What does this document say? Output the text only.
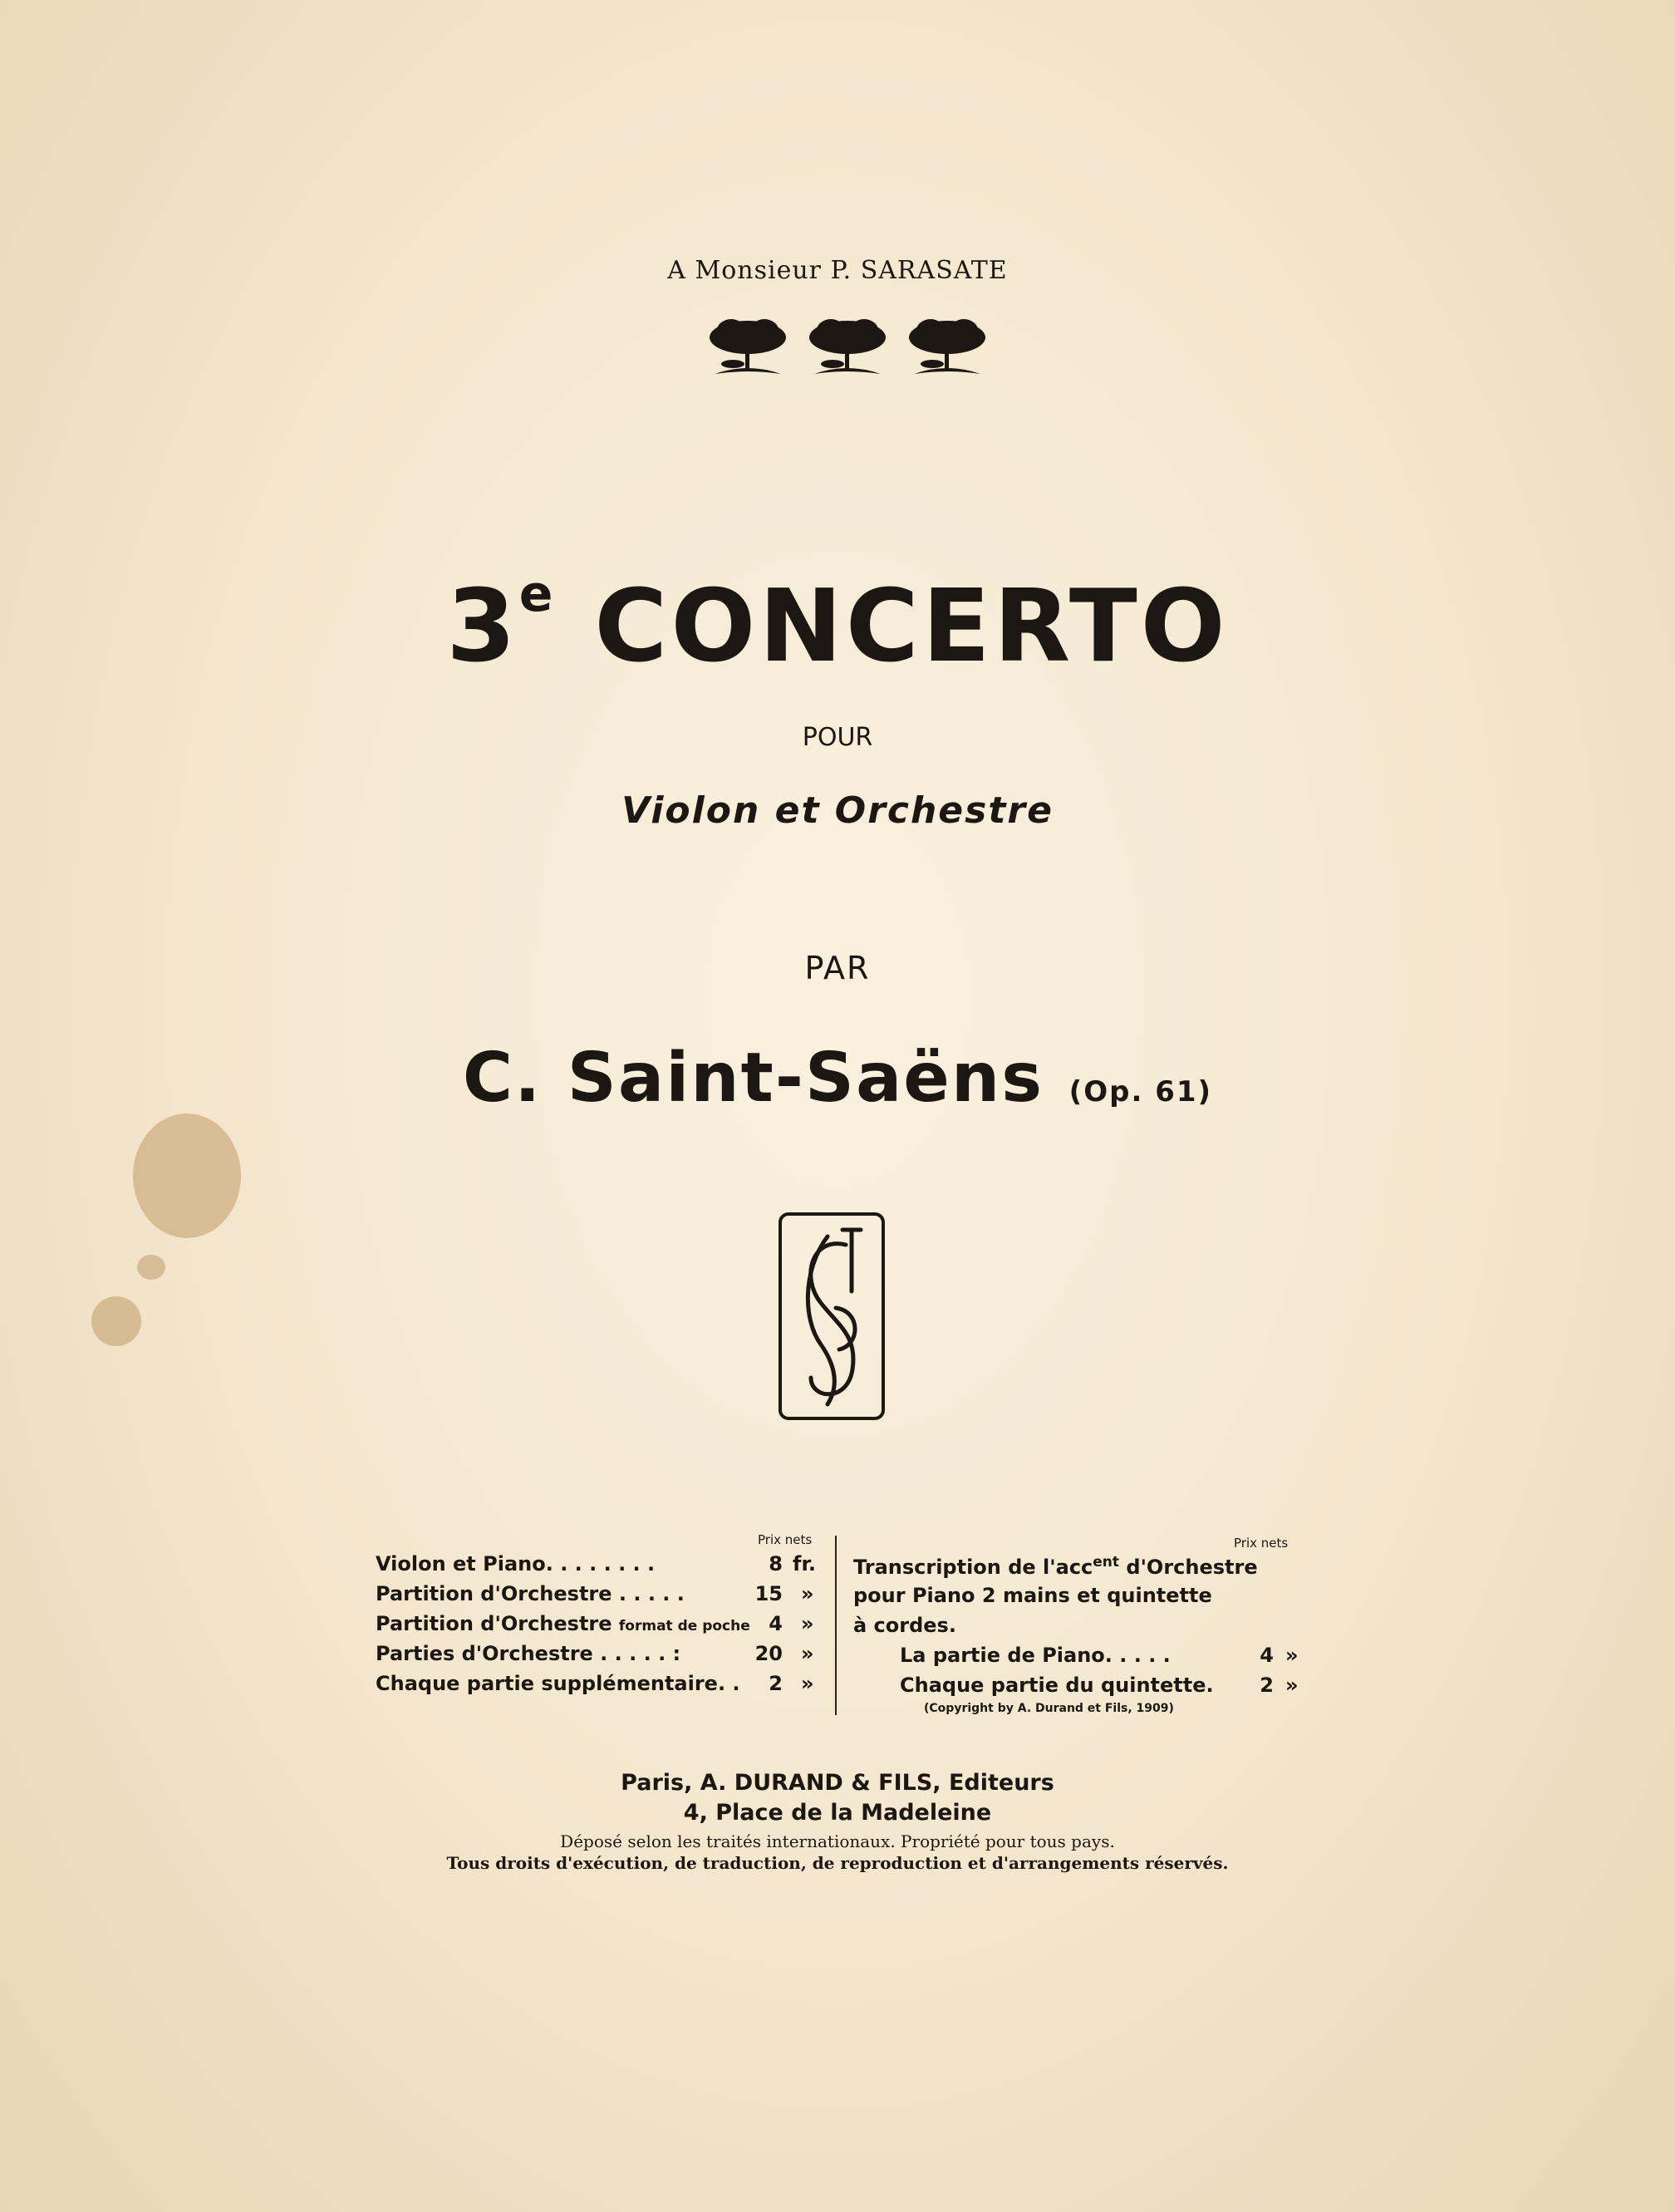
A Monsieur P. SARASATE
3e CONCERTO
POUR
Violon et Orchestre
PAR
C. Saint-Saëns (Op. 61)
Prix nets
Violon et Piano. . . . . . . .	8 fr.
Partition d'Orchestre . . . . .	15 »
Partition d'Orchestre format de poche 4 »
Parties d'Orchestre . . . . . :	20 »
Chaque partie supplémentaire. .	2 »
Prix nets
Transcription de l'acc$^{ent}$ d'Orchestre
pour Piano 2 mains et quintette
à cordes.
La partie de Piano. . . . .	4 »
Chaque partie du quintette.	2 »
(Copyright by A. Durand et Fils, 1909)
Paris, A. DURAND & FILS, Editeurs
4, Place de la Madeleine
Déposé selon les traités internationaux. Propriété pour tous pays.
Tous droits d'exécution, de traduction, de reproduction et d'arrangements réservés.
